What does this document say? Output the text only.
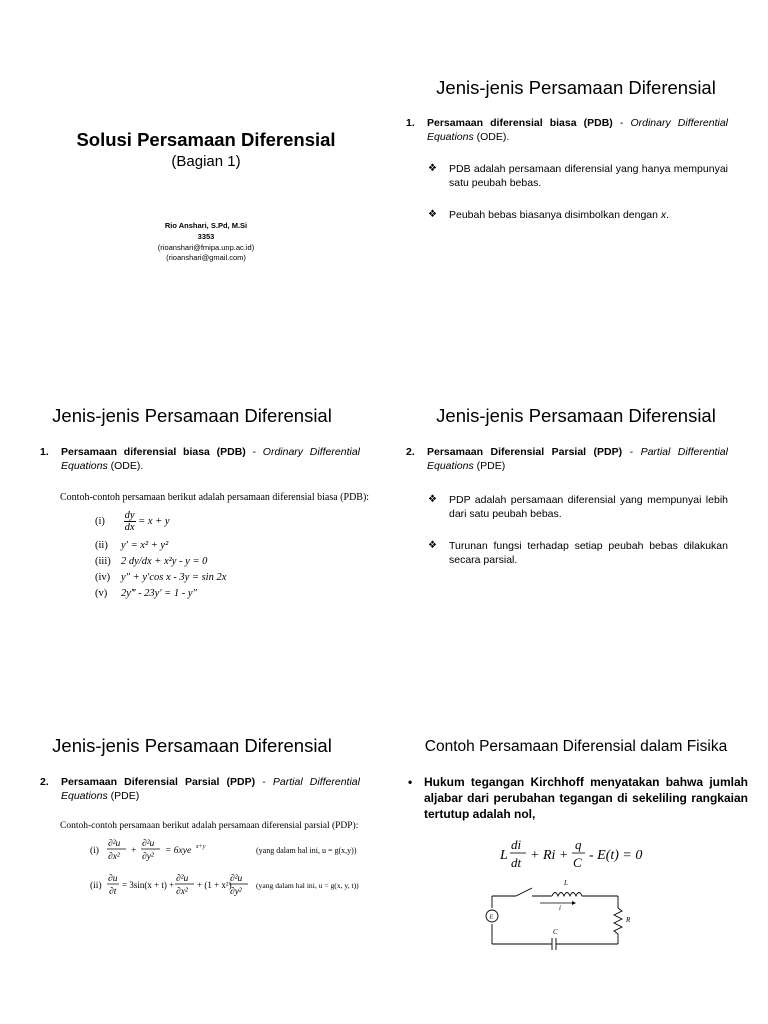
Solusi Persamaan Diferensial
(Bagian 1)
Rio Anshari, S.Pd, M.Si
3353
(rioanshari@fmipa.unp.ac.id)
(rioanshari@gmail.com)
Jenis-jenis Persamaan Diferensial
1. Persamaan diferensial biasa (PDB) - Ordinary Differential Equations (ODE).
❖ PDB adalah persamaan diferensial yang hanya mempunyai satu peubah bebas.
❖ Peubah bebas biasanya disimbolkan dengan x.
Jenis-jenis Persamaan Diferensial
1. Persamaan diferensial biasa (PDB) - Ordinary Differential Equations (ODE).
Contoh-contoh persamaan berikut adalah persamaan diferensial biasa (PDB):
$(i) \frac{dy}{dx} = x + y$
(ii) y′ = x² + y²
(iii) 2 dy/dx + x²y - y = 0
(iv) y″ + y′cos x - 3y = sin 2x
(v) 2y‴ - 23y′ = 1 - y″
Jenis-jenis Persamaan Diferensial
2. Persamaan Diferensial Parsial (PDP) - Partial Differential Equations (PDE)
❖ PDP adalah persamaan diferensial yang mempunyai lebih dari satu peubah bebas.
❖ Turunan fungsi terhadap setiap peubah bebas dilakukan secara parsial.
Jenis-jenis Persamaan Diferensial
2. Persamaan Diferensial Parsial (PDP) - Partial Differential Equations (PDE)
Contoh-contoh persamaan berikut adalah persamaan diferensial parsial (PDP):
(i)
∂²u
∂x²
+
∂²u
∂y²
= 6xye x+y	(yang dalam hal ini, u = g(x,y))
(ii)
∂u
∂t
= 3sin(x + t) +
∂²u
∂x²
+ (1 + x²)
∂²u
∂y²
(yang dalam hal ini, u = g(x, y, t))
Contoh Persamaan Diferensial dalam Fisika
• Hukum tegangan Kirchhoff menyatakan bahwa jumlah aljabar dari perubahan tegangan di sekeliling rangkaian tertutup adalah nol,
L
di
dt + Ri +
q
C - E(t) = 0
L
i
R
C
E
